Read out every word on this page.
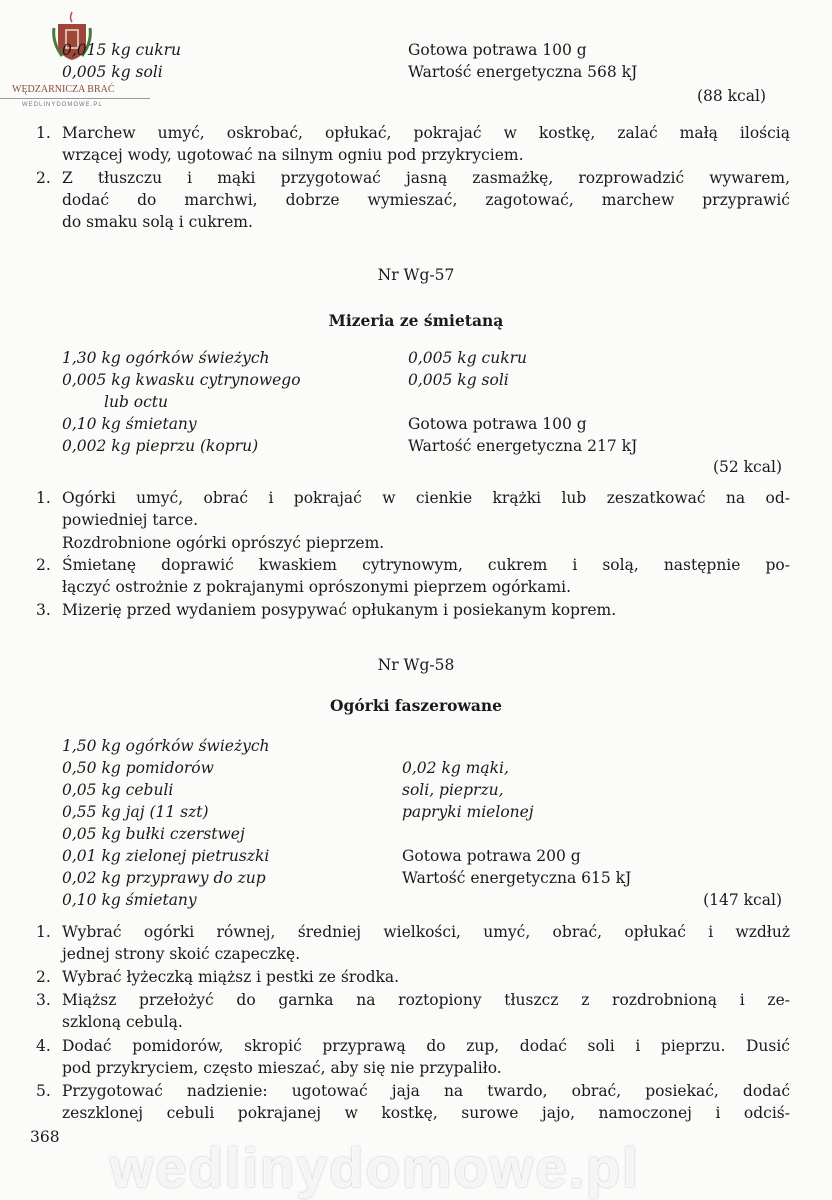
WĘDZARNICZA BRAĆ
WEDLINYDOMOWE.PL
0,015 kg cukru
0,005 kg soli
Gotowa potrawa 100 g
Wartość energetyczna 568 kJ
(88 kcal)
1. Marchew umyć, oskrobać, opłukać, pokrajać w kostkę, zalać małą ilością
wrzącej wody, ugotować na silnym ogniu pod przykryciem.
2. Z tłuszczu i mąki przygotować jasną zasmażkę, rozprowadzić wywarem,
dodać do marchwi, dobrze wymieszać, zagotować, marchew przyprawić
do smaku solą i cukrem.
Nr Wg-57
Mizeria ze śmietaną
1,30 kg ogórków świeżych
0,005 kg kwasku cytrynowego
lub octu
0,10 kg śmietany
0,002 kg pieprzu (kopru)
0,005 kg cukru
0,005 kg soli
Gotowa potrawa 100 g
Wartość energetyczna 217 kJ
(52 kcal)
1. Ogórki umyć, obrać i pokrajać w cienkie krążki lub zeszatkować na od-
powiedniej tarce.
Rozdrobnione ogórki oprószyć pieprzem.
2. Śmietanę doprawić kwaskiem cytrynowym, cukrem i solą, następnie po-
łączyć ostrożnie z pokrajanymi oprószonymi pieprzem ogórkami.
3. Mizerię przed wydaniem posypywać opłukanym i posiekanym koprem.
Nr Wg-58
Ogórki faszerowane
1,50 kg ogórków świeżych
0,50 kg pomidorów
0,05 kg cebuli
0,55 kg jaj (11 szt)
0,05 kg bułki czerstwej
0,01 kg zielonej pietruszki
0,02 kg przyprawy do zup
0,10 kg śmietany
0,02 kg mąki,
soli, pieprzu,
papryki mielonej
Gotowa potrawa 200 g
Wartość energetyczna 615 kJ
(147 kcal)
1. Wybrać ogórki równej, średniej wielkości, umyć, obrać, opłukać i wzdłuż
jednej strony skoić czapeczkę.
2. Wybrać łyżeczką miąższ i pestki ze środka.
3. Miąższ przełożyć do garnka na roztopiony tłuszcz z rozdrobnioną i ze-
szkloną cebulą.
4. Dodać pomidorów, skropić przyprawą do zup, dodać soli i pieprzu. Dusić
pod przykryciem, często mieszać, aby się nie przypaliło.
5. Przygotować nadzienie: ugotować jaja na twardo, obrać, posiekać, dodać
zeszklonej cebuli pokrajanej w kostkę, surowe jajo, namoczonej i odciś-
368 wedlinydomowe.pl
